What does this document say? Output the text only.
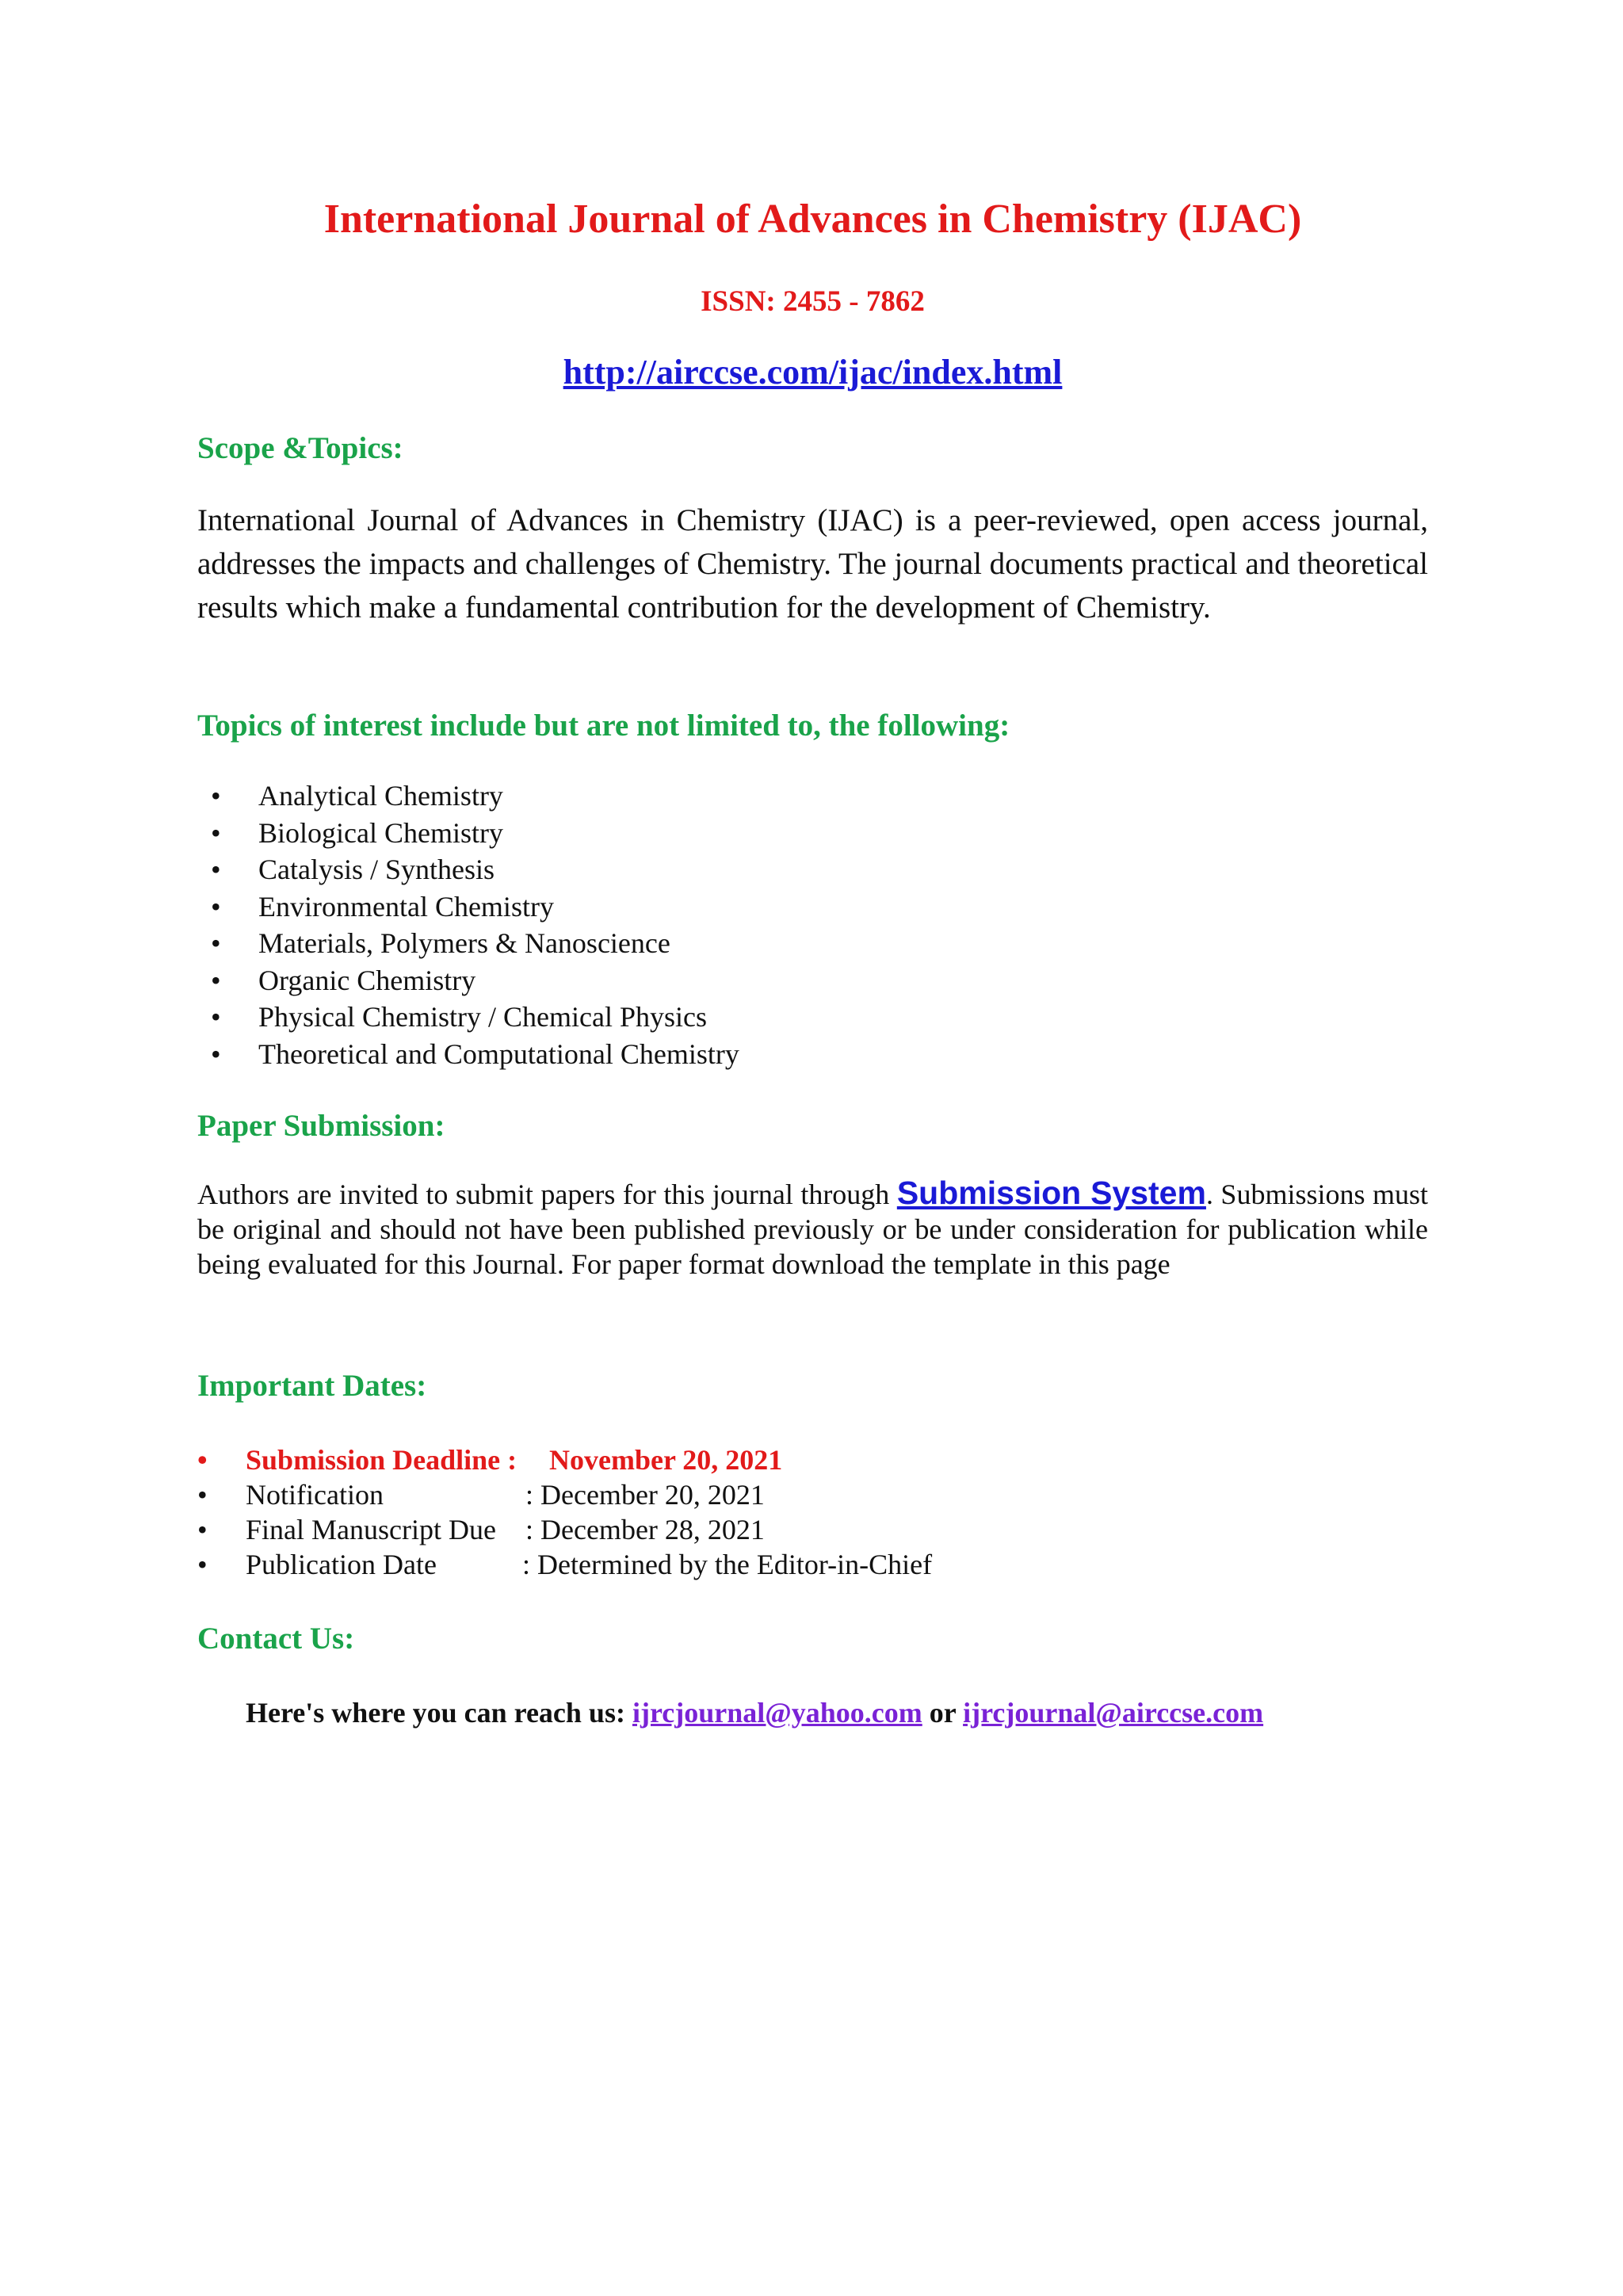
International Journal of Advances in Chemistry (IJAC)
ISSN: 2455 - 7862
http://airccse.com/ijac/index.html
Scope &Topics:

International Journal of Advances in Chemistry (IJAC) is a peer-reviewed, open access journal, addresses the impacts and challenges of Chemistry. The journal documents practical and theoretical results which make a fundamental contribution for the development of Chemistry.

Topics of interest include but are not limited to, the following:
• Analytical Chemistry
• Biological Chemistry
• Catalysis / Synthesis
• Environmental Chemistry
• Materials, Polymers & Nanoscience
• Organic Chemistry
• Physical Chemistry / Chemical Physics
• Theoretical and Computational Chemistry
Paper Submission:

Authors are invited to submit papers for this journal through Submission System. Submissions must be original and should not have been published previously or be under consideration for publication while being evaluated for this Journal. For paper format download the template in this page

Important Dates:
• Submission Deadline : November 20, 2021
• Notification	: December 20, 2021
• Final Manuscript Due : December 28, 2021
• Publication Date	: Determined by the Editor-in-Chief
Contact Us:
Here's where you can reach us: ijrcjournal@yahoo.com or ijrcjournal@airccse.com
